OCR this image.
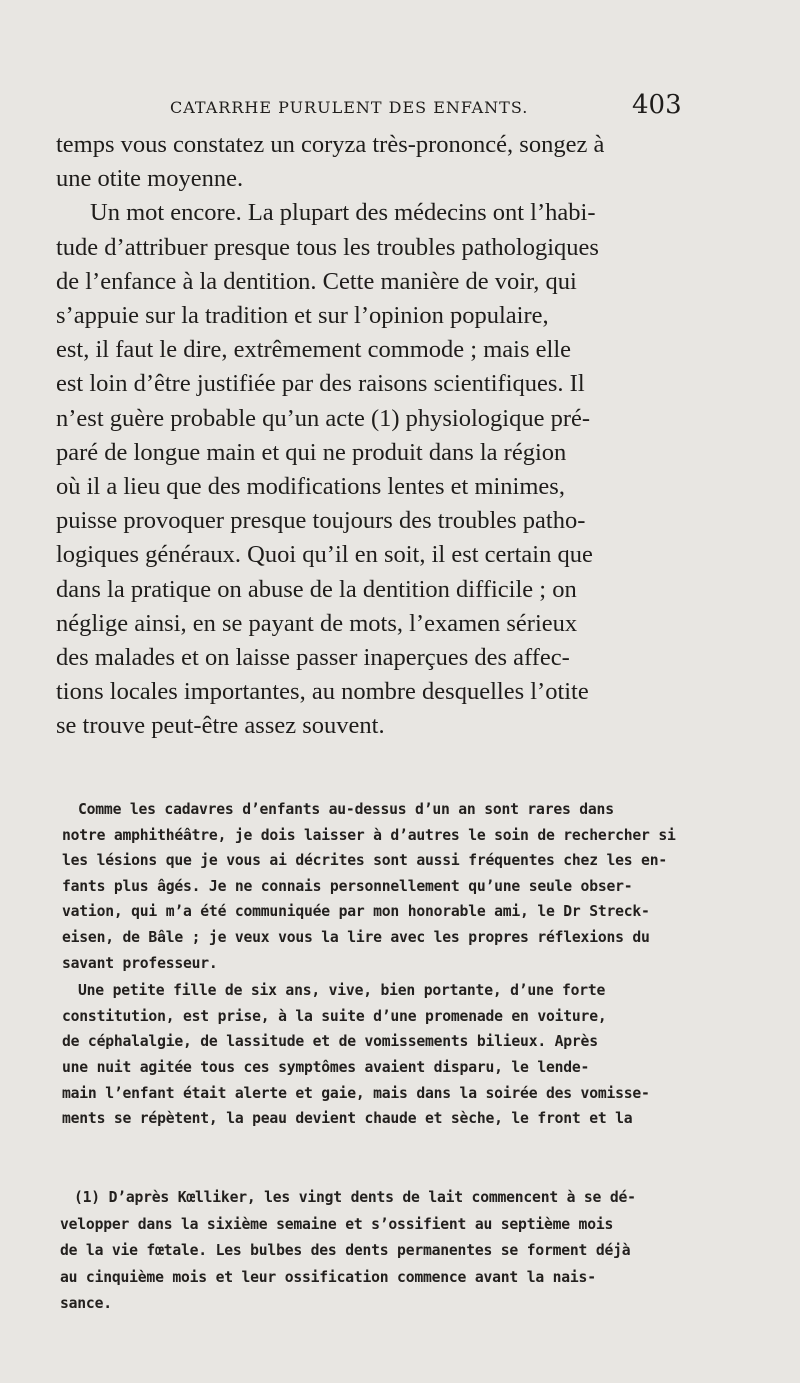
CATARRHE PURULENT DES ENFANTS.	403
temps vous constatez un coryza très-prononcé, songez à
une otite moyenne.
Un mot encore. La plupart des médecins ont l’habi-
tude d’attribuer presque tous les troubles pathologiques
de l’enfance à la dentition. Cette manière de voir, qui
s’appuie sur la tradition et sur l’opinion populaire,
est, il faut le dire, extrêmement commode ; mais elle
est loin d’être justifiée par des raisons scientifiques. Il
n’est guère probable qu’un acte (1) physiologique pré-
paré de longue main et qui ne produit dans la région
où il a lieu que des modifications lentes et minimes,
puisse provoquer presque toujours des troubles patho-
logiques généraux. Quoi qu’il en soit, il est certain que
dans la pratique on abuse de la dentition difficile ; on
néglige ainsi, en se payant de mots, l’examen sérieux
des malades et on laisse passer inaperçues des affec-
tions locales importantes, au nombre desquelles l’otite
se trouve peut-être assez souvent.
Comme les cadavres d’enfants au-dessus d’un an sont rares dans
notre amphithéâtre, je dois laisser à d’autres le soin de rechercher si
les lésions que je vous ai décrites sont aussi fréquentes chez les en-
fants plus âgés. Je ne connais personnellement qu’une seule obser-
vation, qui m’a été communiquée par mon honorable ami, le Dr Streck-
eisen, de Bâle ; je veux vous la lire avec les propres réflexions du
savant professeur.
Une petite fille de six ans, vive, bien portante, d’une forte
constitution, est prise, à la suite d’une promenade en voiture,
de céphalalgie, de lassitude et de vomissements bilieux. Après
une nuit agitée tous ces symptômes avaient disparu, le lende-
main l’enfant était alerte et gaie, mais dans la soirée des vomisse-
ments se répètent, la peau devient chaude et sèche, le front et la
(1) D’après Kœlliker, les vingt dents de lait commencent à se dé-
velopper dans la sixième semaine et s’ossifient au septième mois
de la vie fœtale. Les bulbes des dents permanentes se forment déjà
au cinquième mois et leur ossification commence avant la nais-
sance.
